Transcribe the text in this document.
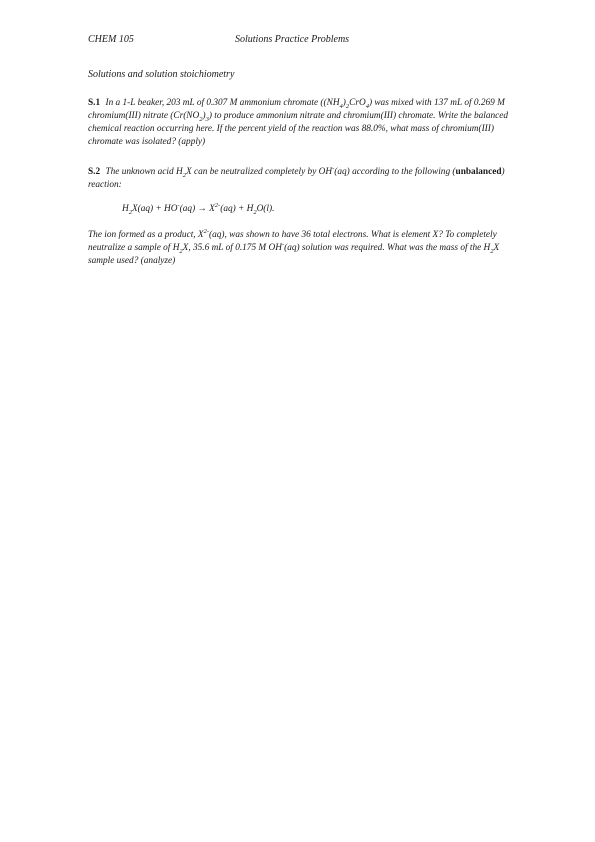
CHEM 105	Solutions Practice Problems
Solutions and solution stoichiometry
S.1 In a 1-L beaker, 203 mL of 0.307 M ammonium chromate $((NH_4)_2CrO_4)$ was mixed with 137 mL of 0.269 M chromium(III) nitrate $(Cr(NO_2)_3)$ to produce ammonium nitrate and chromium(III) chromate. Write the balanced chemical reaction occurring here. If the percent yield of the reaction was 88.0%, what mass of chromium(III) chromate was isolated? (apply)
S.2 The unknown acid $H_2X$ can be neutralized completely by OH-(aq) according to the following (unbalanced) reaction:
$H_2X(aq) + HO^-(aq) \to X^{2-}(aq) + H_2O(l)$.
The ion formed as a product, $X^{2-}(aq)$, was shown to have 36 total electrons. What is element X? To completely neutralize a sample of $H_2X$, 35.6 mL of 0.175 M OH-(aq) solution was required. What was the mass of the $H_2X$ sample used? (analyze)
